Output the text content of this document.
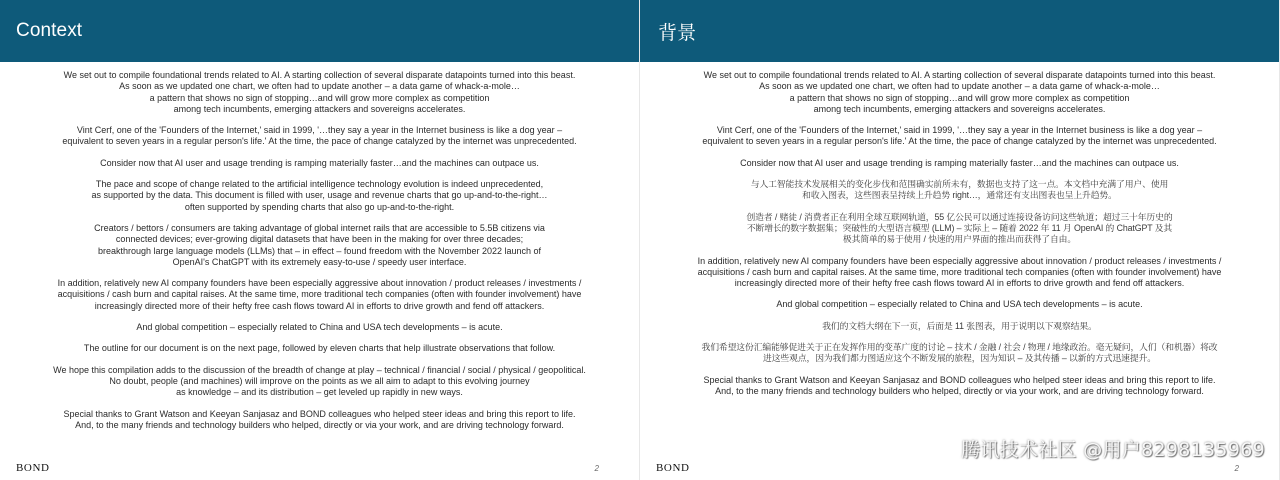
Context
We set out to compile foundational trends related to AI. A starting collection of several disparate datapoints turned into this beast.
As soon as we updated one chart, we often had to update another – a data game of whack-a-mole…
a pattern that shows no sign of stopping…and will grow more complex as competition
among tech incumbents, emerging attackers and sovereigns accelerates.
Vint Cerf, one of the 'Founders of the Internet,' said in 1999, '…they say a year in the Internet business is like a dog year –
equivalent to seven years in a regular person's life.' At the time, the pace of change catalyzed by the internet was unprecedented.
Consider now that AI user and usage trending is ramping materially faster…and the machines can outpace us.
The pace and scope of change related to the artificial intelligence technology evolution is indeed unprecedented,
as supported by the data. This document is filled with user, usage and revenue charts that go up-and-to-the-right…
often supported by spending charts that also go up-and-to-the-right.
Creators / bettors / consumers are taking advantage of global internet rails that are accessible to 5.5B citizens via
connected devices; ever-growing digital datasets that have been in the making for over three decades;
breakthrough large language models (LLMs) that – in effect – found freedom with the November 2022 launch of
OpenAI's ChatGPT with its extremely easy-to-use / speedy user interface.
In addition, relatively new AI company founders have been especially aggressive about innovation / product releases / investments /
acquisitions / cash burn and capital raises. At the same time, more traditional tech companies (often with founder involvement) have
increasingly directed more of their hefty free cash flows toward AI in efforts to drive growth and fend off attackers.
And global competition – especially related to China and USA tech developments – is acute.
The outline for our document is on the next page, followed by eleven charts that help illustrate observations that follow.
We hope this compilation adds to the discussion of the breadth of change at play – technical / financial / social / physical / geopolitical.
No doubt, people (and machines) will improve on the points as we all aim to adapt to this evolving journey
as knowledge – and its distribution – get leveled up rapidly in new ways.
Special thanks to Grant Watson and Keeyan Sanjasaz and BOND colleagues who helped steer ideas and bring this report to life.
And, to the many friends and technology builders who helped, directly or via your work, and are driving technology forward.
BOND	2
背景
We set out to compile foundational trends related to AI. A starting collection of several disparate datapoints turned into this beast.
As soon as we updated one chart, we often had to update another – a data game of whack-a-mole…
a pattern that shows no sign of stopping…and will grow more complex as competition
among tech incumbents, emerging attackers and sovereigns accelerates.
Vint Cerf, one of the 'Founders of the Internet,' said in 1999, '…they say a year in the Internet business is like a dog year –
equivalent to seven years in a regular person's life.' At the time, the pace of change catalyzed by the internet was unprecedented.
Consider now that AI user and usage trending is ramping materially faster…and the machines can outpace us.
与人工智能技术发展相关的变化步伐和范围确实前所未有，数据也支持了这一点。本文档中充满了用户、使用
和收入图表，这些图表呈持续上升趋势 right…，通常还有支出图表也呈上升趋势。
创造者 / 赌徒 / 消费者正在利用全球互联网轨道，55 亿公民可以通过连接设备访问这些轨道；超过三十年历史的
不断增长的数字数据集；突破性的大型语言模型 (LLM) – 实际上 – 随着 2022 年 11 月 OpenAI 的 ChatGPT 及其
极其简单的易于使用 / 快速的用户界面的推出而获得了自由。
In addition, relatively new AI company founders have been especially aggressive about innovation / product releases / investments /
acquisitions / cash burn and capital raises. At the same time, more traditional tech companies (often with founder involvement) have
increasingly directed more of their hefty free cash flows toward AI in efforts to drive growth and fend off attackers.
And global competition – especially related to China and USA tech developments – is acute.
我们的文档大纲在下一页，后面是 11 张图表，用于说明以下观察结果。
我们希望这份汇编能够促进关于正在发挥作用的变革广度的讨论 – 技术 / 金融 / 社会 / 物理 / 地缘政治。毫无疑问，人们（和机器）将改
进这些观点，因为我们都力图适应这个不断发展的旅程，因为知识 – 及其传播 – 以新的方式迅速提升。
Special thanks to Grant Watson and Keeyan Sanjasaz and BOND colleagues who helped steer ideas and bring this report to life.
And, to the many friends and technology builders who helped, directly or via your work, and are driving technology forward.
BOND	2
腾讯技术社区 @用户8298135969
